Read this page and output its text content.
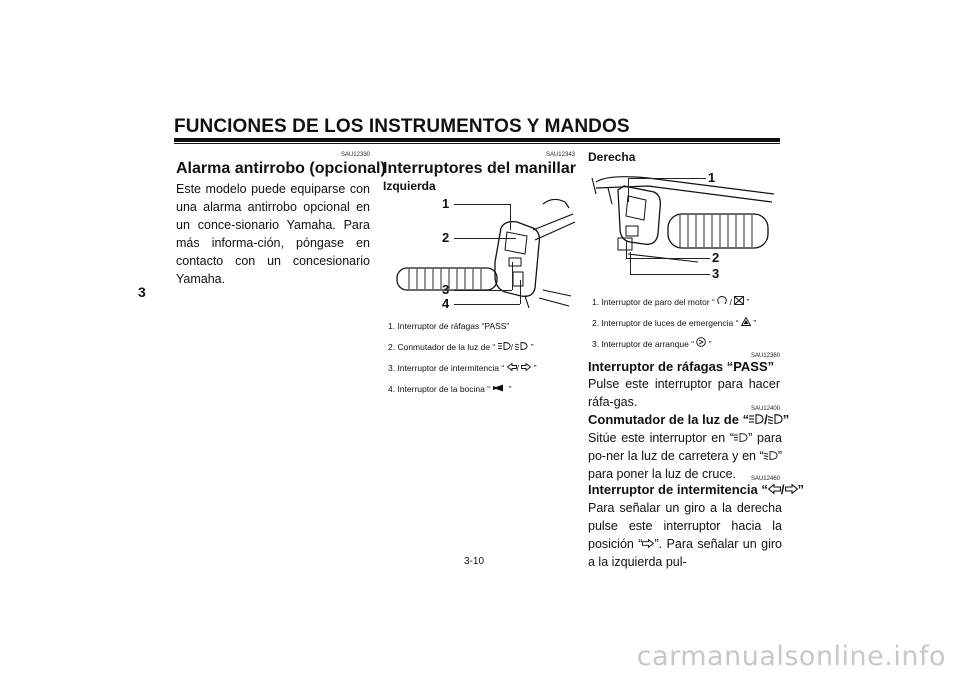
FUNCIONES DE LOS INSTRUMENTOS Y MANDOS
3
SAU12330
Alarma antirrobo (opcional)
Este modelo puede equiparse con una alarma antirrobo opcional en un conce-sionario Yamaha. Para más informa-ción, póngase en contacto con un concesionario Yamaha.
SAU12343
Interruptores del manillar
Izquierda
1
2
3
4
1. Interruptor de ráfagas “PASS”
2. Conmutador de la luz de “ /  ”
3. Interruptor de intermitencia “ /  ”
4. Interruptor de la bocina “  ”
Derecha
1
2
3
1. Interruptor de paro del motor “  /  ”
2. Interruptor de luces de emergencia “  ”
3. Interruptor de arranque “  ”
SAU12360
Interruptor de ráfagas “PASS”
Pulse este interruptor para hacer ráfa-gas.	SAU12400
Conmutador de la luz de “ / ”
Sitúe este interruptor en “ ” para po-ner la luz de carretera y en “ ” para poner la luz de cruce.	SAU12460
Interruptor de intermitencia “ / ”
Para señalar un giro a la derecha pulse este interruptor hacia la posición “ ”. Para señalar un giro a la izquierda pul-
3-10
carmanualsonline.info
